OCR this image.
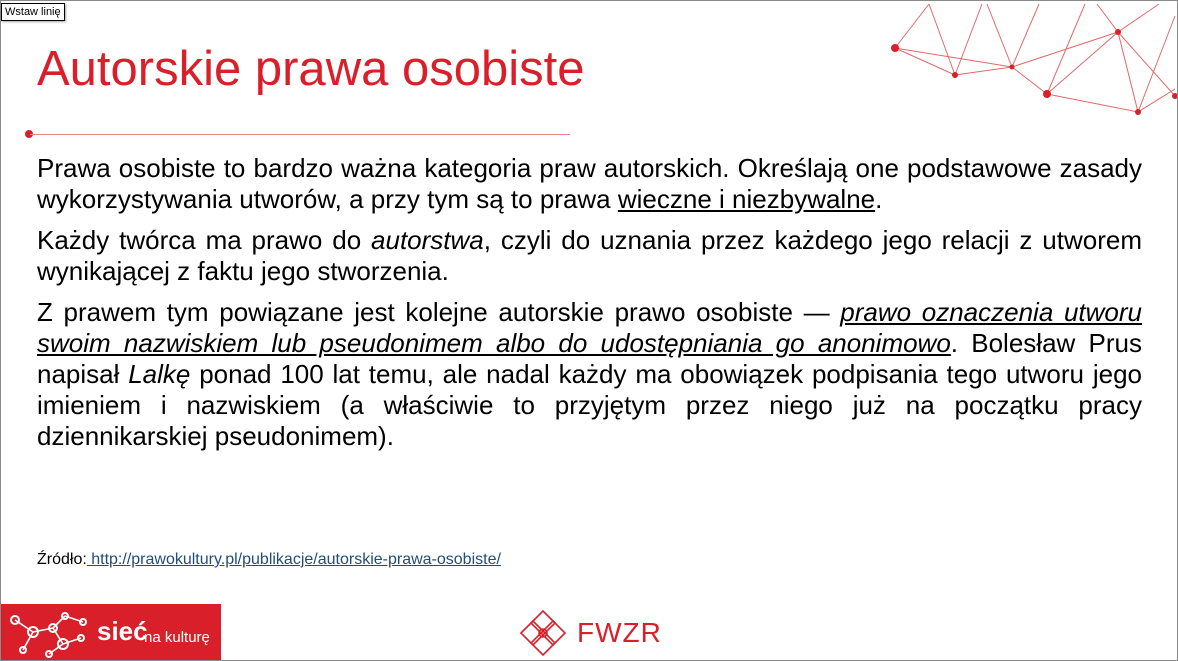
Wstaw linię
Autorskie prawa osobiste

Prawa osobiste to bardzo ważna kategoria praw autorskich. Określają one podstawowe zasady wykorzystywania utworów, a przy tym są to prawa wieczne i niezbywalne.

Każdy twórca ma prawo do autorstwa, czyli do uznania przez każdego jego relacji z utworem wynikającej z faktu jego stworzenia.

Z prawem tym powiązane jest kolejne autorskie prawo osobiste — prawo oznaczenia utworu swoim nazwiskiem lub pseudonimem albo do udostępniania go anonimowo. Bolesław Prus napisał Lalkę ponad 100 lat temu, ale nadal każdy ma obowiązek podpisania tego utworu jego imieniem i nazwiskiem (a właściwie to przyjętym przez niego już na początku pracy dziennikarskiej pseudonimem).

Źródło: http://prawokultury.pl/publikacje/autorskie-prawa-osobiste/
sieć
na kulturę	FWZR
